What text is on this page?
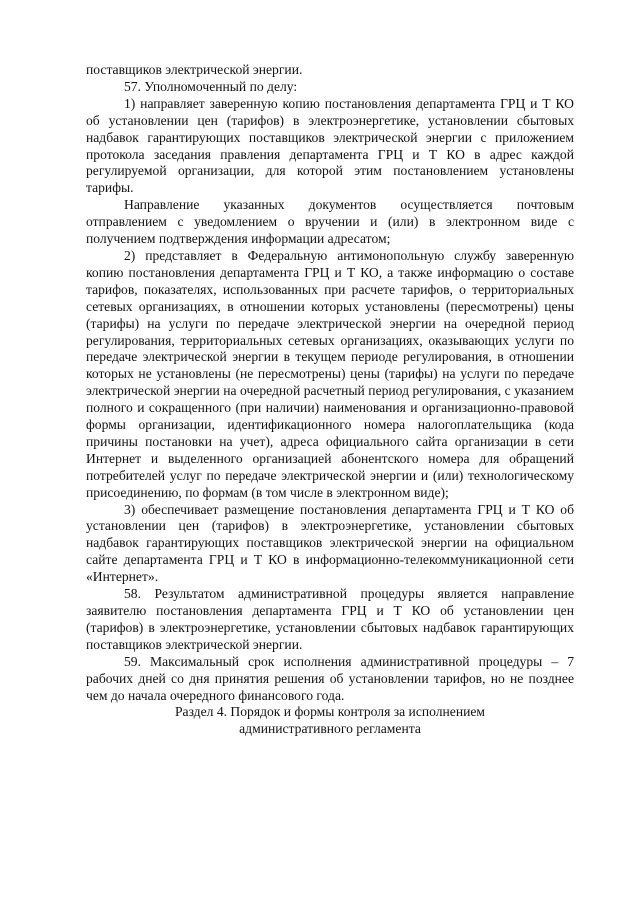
поставщиков электрической энергии.

57. Уполномоченный по делу:

1) направляет заверенную копию постановления департамента ГРЦ и Т КО об установлении цен (тарифов) в электроэнергетике, установлении сбытовых надбавок гарантирующих поставщиков электрической энергии с приложением протокола заседания правления департамента ГРЦ и Т КО в адрес каждой регулируемой организации, для которой этим постановлением установлены тарифы.

Направление указанных документов осуществляется почтовым отправлением с уведомлением о вручении и (или) в электронном виде с получением подтверждения информации адресатом;

2) представляет в Федеральную антимонопольную службу заверенную копию постановления департамента ГРЦ и Т КО, а также информацию о составе тарифов, показателях, использованных при расчете тарифов, о территориальных сетевых организациях, в отношении которых установлены (пересмотрены) цены (тарифы) на услуги по передаче электрической энергии на очередной период регулирования, территориальных сетевых организациях, оказывающих услуги по передаче электрической энергии в текущем периоде регулирования, в отношении которых не установлены (не пересмотрены) цены (тарифы) на услуги по передаче электрической энергии на очередной расчетный период регулирования, с указанием полного и сокращенного (при наличии) наименования и организационно-правовой формы организации, идентификационного номера налогоплательщика (кода причины постановки на учет), адреса официального сайта организации в сети Интернет и выделенного организацией абонентского номера для обращений потребителей услуг по передаче электрической энергии и (или) технологическому присоединению, по формам (в том числе в электронном виде);

3) обеспечивает размещение постановления департамента ГРЦ и Т КО об установлении цен (тарифов) в электроэнергетике, установлении сбытовых надбавок гарантирующих поставщиков электрической энергии на официальном сайте департамента ГРЦ и Т КО в информационно-телекоммуникационной сети «Интернет».

58. Результатом административной процедуры является направление заявителю постановления департамента ГРЦ и Т КО об установлении цен (тарифов) в электроэнергетике, установлении сбытовых надбавок гарантирующих поставщиков электрической энергии.

59. Максимальный срок исполнения административной процедуры – 7 рабочих дней со дня принятия решения об установлении тарифов, но не позднее чем до начала очередного финансового года.

Раздел 4. Порядок и формы контроля за исполнением
административного регламента
